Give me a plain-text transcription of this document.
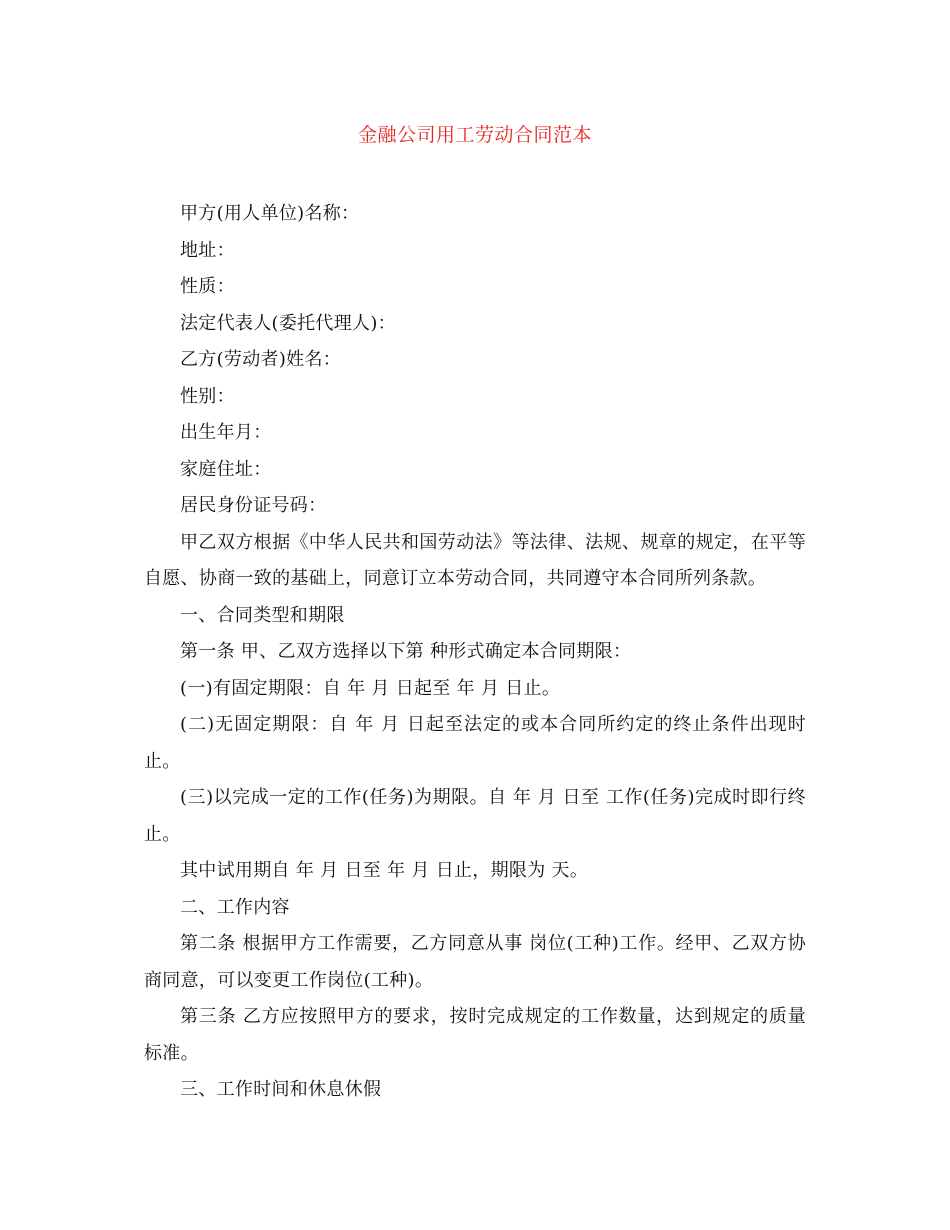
金融公司用工劳动合同范本

甲方(用人单位)名称：

地址：

性质：

法定代表人(委托代理人)：

乙方(劳动者)姓名：

性别：

出生年月：

家庭住址：

居民身份证号码：

甲乙双方根据《中华人民共和国劳动法》等法律、法规、规章的规定，在平等自愿、协商一致的基础上，同意订立本劳动合同，共同遵守本合同所列条款。

一、合同类型和期限

第一条 甲、乙双方选择以下第 种形式确定本合同期限：

(一)有固定期限：自 年 月 日起至 年 月 日止。

(二)无固定期限：自 年 月 日起至法定的或本合同所约定的终止条件出现时止。

(三)以完成一定的工作(任务)为期限。自 年 月 日至 工作(任务)完成时即行终止。

其中试用期自 年 月 日至 年 月 日止，期限为 天。

二、工作内容

第二条 根据甲方工作需要，乙方同意从事 岗位(工种)工作。经甲、乙双方协商同意，可以变更工作岗位(工种)。

第三条 乙方应按照甲方的要求，按时完成规定的工作数量，达到规定的质量标准。

三、工作时间和休息休假
